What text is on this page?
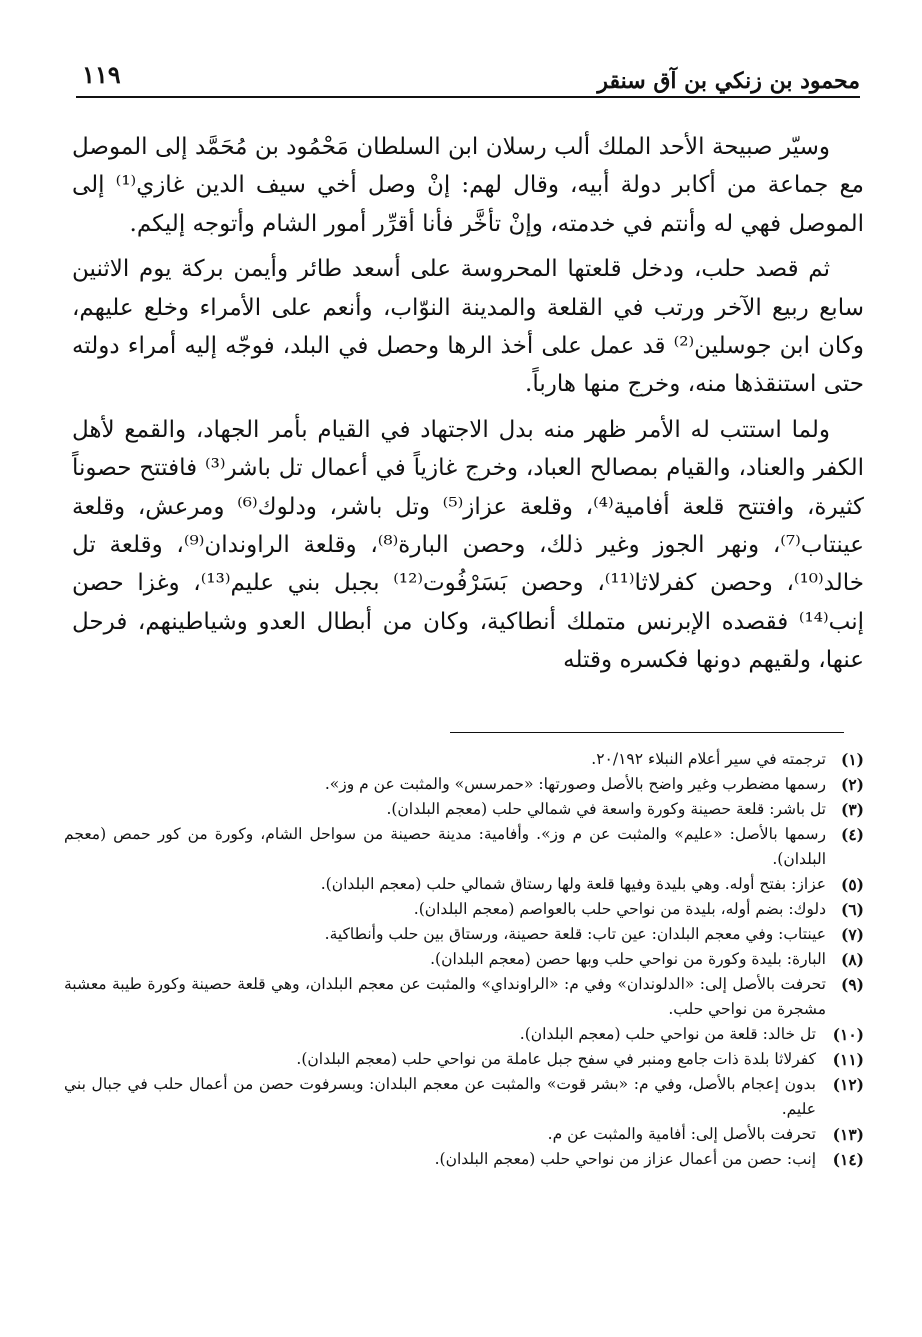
محمود بن زنكي بن آق سنقر
١١٩

وسيّر صبيحة الأحد الملك ألب رسلان ابن السلطان مَحْمُود بن مُحَمَّد إلى الموصل مع جماعة من أكابر دولة أبيه، وقال لهم: إنْ وصل أخي سيف الدين غازي⁽¹⁾ إلى الموصل فهي له وأنتم في خدمته، وإنْ تأخَّر فأنا أقرِّر أمور الشام وأتوجه إليكم.

ثم قصد حلب، ودخل قلعتها المحروسة على أسعد طائر وأيمن بركة يوم الاثنين سابع ربيع الآخر ورتب في القلعة والمدينة النوّاب، وأنعم على الأمراء وخلع عليهم، وكان ابن جوسلين⁽²⁾ قد عمل على أخذ الرها وحصل في البلد، فوجّه إليه أمراء دولته حتى استنقذها منه، وخرج منها هارباً.

ولما استتب له الأمر ظهر منه بدل الاجتهاد في القيام بأمر الجهاد، والقمع لأهل الكفر والعناد، والقيام بمصالح العباد، وخرج غازياً في أعمال تل باشر⁽³⁾ فافتتح حصوناً كثيرة، وافتتح قلعة أفامية⁽⁴⁾، وقلعة عزاز⁽⁵⁾ وتل باشر، ودلوك⁽⁶⁾ ومرعش، وقلعة عينتاب⁽⁷⁾، ونهر الجوز وغير ذلك، وحصن البارة⁽⁸⁾، وقلعة الراوندان⁽⁹⁾، وقلعة تل خالد⁽¹⁰⁾، وحصن كفرلاثا⁽¹¹⁾، وحصن بَسَرْفُوت⁽¹²⁾ بجبل بني عليم⁽¹³⁾، وغزا حصن إنب⁽¹⁴⁾ فقصده الإبرنس متملك أنطاكية، وكان من أبطال العدو وشياطينهم، فرحل عنها، ولقيهم دونها فكسره وقتله

(١)
ترجمته في سير أعلام النبلاء ٢٠/١٩٢.
(٢)
رسمها مضطرب وغير واضح بالأصل وصورتها: «حمرسس» والمثبت عن م وز».
(٣)
تل باشر: قلعة حصينة وكورة واسعة في شمالي حلب (معجم البلدان).
(٤)
رسمها بالأصل: «عليم» والمثبت عن م وز». وأفامية: مدينة حصينة من سواحل الشام، وكورة من كور حمص (معجم البلدان).
(٥)
عزاز: بفتح أوله. وهي بليدة وفيها قلعة ولها رستاق شمالي حلب (معجم البلدان).
(٦)
دلوك: بضم أوله، بليدة من نواحي حلب بالعواصم (معجم البلدان).
(٧)
عينتاب: وفي معجم البلدان: عين تاب: قلعة حصينة، ورستاق بين حلب وأنطاكية.
(٨)
البارة: بليدة وكورة من نواحي حلب وبها حصن (معجم البلدان).
(٩)
تحرفت بالأصل إلى: «الدلوندان» وفي م: «الراونداي» والمثبت عن معجم البلدان، وهي قلعة حصينة وكورة طيبة معشبة مشجرة من نواحي حلب.
(١٠)
تل خالد: قلعة من نواحي حلب (معجم البلدان).
(١١)
كفرلاثا بلدة ذات جامع ومنبر في سفح جبل عاملة من نواحي حلب (معجم البلدان).
(١٢)
بدون إعجام بالأصل، وفي م: «بشر قوت» والمثبت عن معجم البلدان: وبسرفوت حصن من أعمال حلب في جبال بني عليم.
(١٣)
تحرفت بالأصل إلى: أفامية والمثبت عن م.
(١٤)
إنب: حصن من أعمال عزاز من نواحي حلب (معجم البلدان).
